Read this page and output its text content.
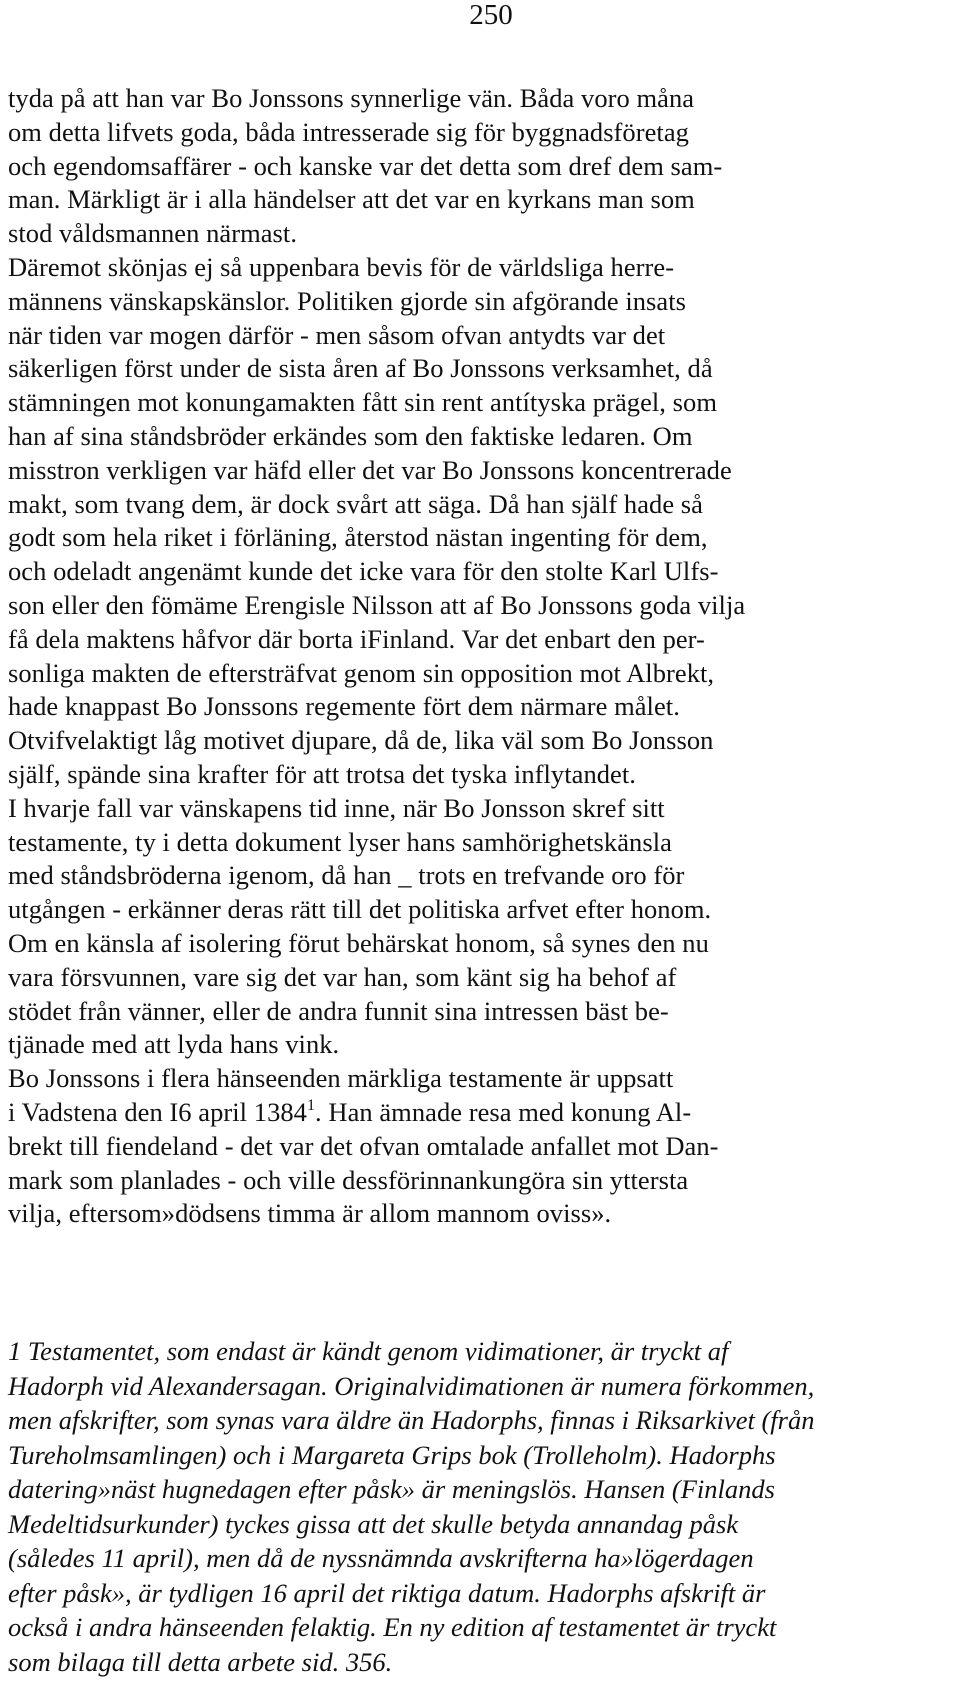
250
tyda på att han var Bo Jonssons synnerlige vän. Båda voro måna
om detta lifvets goda, båda intresserade sig för byggnadsföretag
och egendomsaffärer - och kanske var det detta som dref dem sam-
man. Märkligt är i alla händelser att det var en kyrkans man som
stod våldsmannen närmast.
Däremot skönjas ej så uppenbara bevis för de världsliga herre-
männens vänskapskänslor. Politiken gjorde sin afgörande insats
när tiden var mogen därför - men såsom ofvan antydts var det
säkerligen först under de sista åren af Bo Jonssons verksamhet, då
stämningen mot konungamakten fått sin rent antítyska prägel, som
han af sina ståndsbröder erkändes som den faktiske ledaren. Om
misstron verkligen var häfd eller det var Bo Jonssons koncentrerade
makt, som tvang dem, är dock svårt att säga. Då han själf hade så
godt som hela riket i förläning, återstod nästan ingenting för dem,
och odeladt angenämt kunde det icke vara för den stolte Karl Ulfs-
son eller den fömäme Erengisle Nilsson att af Bo Jonssons goda vilja
få dela maktens håfvor där borta iFinland. Var det enbart den per-
sonliga makten de eftersträfvat genom sin opposition mot Albrekt,
hade knappast Bo Jonssons regemente fört dem närmare målet.
Otvifvelaktigt låg motivet djupare, då de, lika väl som Bo Jonsson
själf, spände sina krafter för att trotsa det tyska inflytandet.
I hvarje fall var vänskapens tid inne, när Bo Jonsson skref sitt
testamente, ty i detta dokument lyser hans samhörighetskänsla
med ståndsbröderna igenom, då han _ trots en trefvande oro för
utgången - erkänner deras rätt till det politiska arfvet efter honom.
Om en känsla af isolering förut behärskat honom, så synes den nu
vara försvunnen, vare sig det var han, som känt sig ha behof af
stödet från vänner, eller de andra funnit sina intressen bäst be-
tjänade med att lyda hans vink.
Bo Jonssons i flera hänseenden märkliga testamente är uppsatt
i Vadstena den I6 april 1384$^1$. Han ämnade resa med konung Al-
brekt till fiendeland - det var det ofvan omtalade anfallet mot Dan-
mark som planlades - och ville dessförinnankungöra sin yttersta
vilja, eftersom»dödsens timma är allom mannom oviss».
1 Testamentet, som endast är kändt genom vidimationer, är tryckt af
Hadorph vid Alexandersagan. Originalvidimationen är numera förkommen,
men afskrifter, som synas vara äldre än Hadorphs, finnas i Riksarkivet (från
Tureholmsamlingen) och i Margareta Grips bok (Trolleholm). Hadorphs
datering»näst hugnedagen efter påsk» är meningslös. Hansen (Finlands
Medeltidsurkunder) tyckes gissa att det skulle betyda annandag påsk
(således 11 april), men då de nyssnämnda avskrifterna ha»lögerdagen
efter påsk», är tydligen 16 april det riktiga datum. Hadorphs afskrift är
också i andra hänseenden felaktig. En ny edition af testamentet är tryckt
som bilaga till detta arbete sid. 356.
